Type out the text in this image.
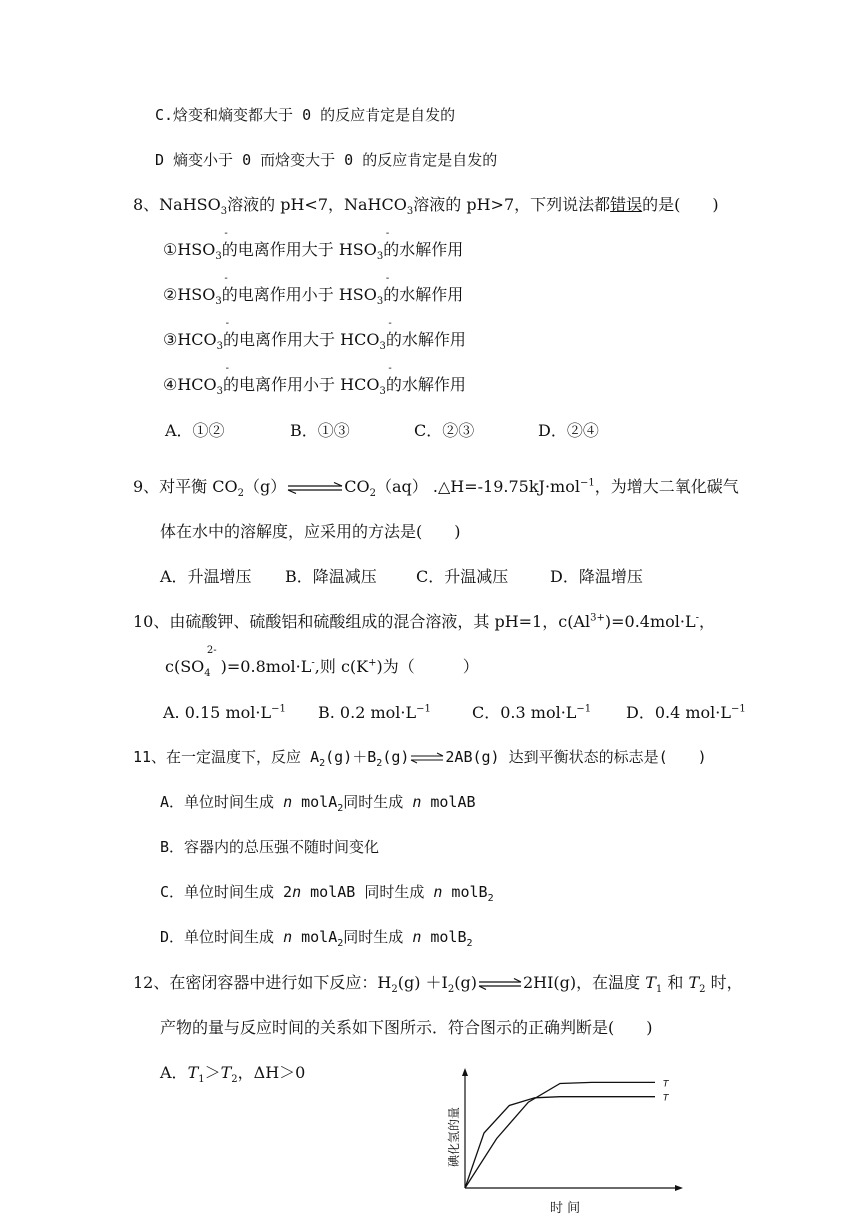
C.焓变和熵变都大于 0 的反应肯定是自发的
D 熵变小于 0 而焓变大于 0 的反应肯定是自发的
8、NaHSO$_3$溶液的 pH<7，NaHCO$_3$溶液的 pH>7，下列说法都错误的是(　　)
①HSO
-
$_3$的电离作用大于 HSO
-
$_3$的水解作用
②HSO
-
$_3$的电离作用小于 HSO
-
$_3$的水解作用
③HCO
-
$_3$的电离作用大于 HCO
-
$_3$的水解作用
④HCO
-
$_3$的电离作用小于 HCO
-
$_3$的水解作用
A．①②	B．①③	C．②③	D．②④
9、对平衡 $CO_2(g)\rightleftharpoons CO_2(aq)$ .△H=-19.75kJ·mol$^{-1}$，为增大二氧化碳气
体在水中的溶解度，应采用的方法是(　　)
A．升温增压 B．降温减压 C．升温减压	D．降温增压
10、由硫酸钾、硫酸铝和硫酸组成的混合溶液，其 pH=1，$c(Al^{3+})=0.4mol\cdot L^-$，
c(SO
2-
$_4$ )=0.8mol·L-,则 c(K+)为（　　　）
A. 0.15 $mol\cdot L^{-1}$ B. 0.2 $mol\cdot L^{-1}$	C．0.3 $mol\cdot L^{-1}$ D．0.4 $mol\cdot L^{-1}$
11、在一定温度下，反应 $A_2(g)+B_2(g)\rightleftharpoons 2AB(g)$ 达到平衡状态的标志是(　　)
A．单位时间生成 n molA$_2$同时生成 n molAB
B．容器内的总压强不随时间变化
C．单位时间生成 2n molAB 同时生成 n molB$_2$
D．单位时间生成 n molA$_2$同时生成 n molB$_2$
12、在密闭容器中进行如下反应：$H_2(g)$ $+I_2(g)\rightleftharpoons 2HI(g)$，在温度 $T_1$ 和 $T_2$ 时，
产物的量与反应时间的关系如下图所示．符合图示的正确判断是(　　)
A．$T_1>T_2$，ΔH＞0
碘化氢的量
时 间
T
T
